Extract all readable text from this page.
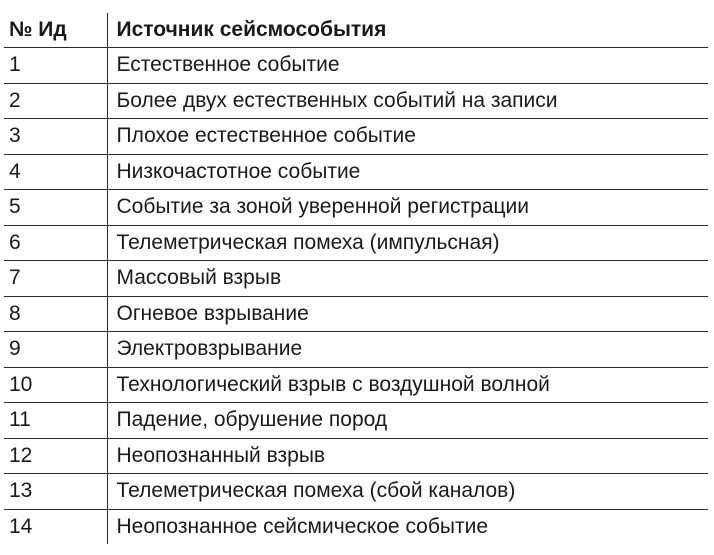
№ Ид	Источник сейсмособытия
1	Естественное событие
2	Более двух естественных событий на записи
3	Плохое естественное событие
4	Низкочастотное событие
5	Событие за зоной уверенной регистрации
6	Телеметрическая помеха (импульсная)
7	Массовый взрыв
8	Огневое взрывание
9	Электровзрывание
10	Технологический взрыв с воздушной волной
11	Падение, обрушение пород
12	Неопознанный взрыв
13	Телеметрическая помеха (сбой каналов)
14	Неопознанное сейсмическое событие
